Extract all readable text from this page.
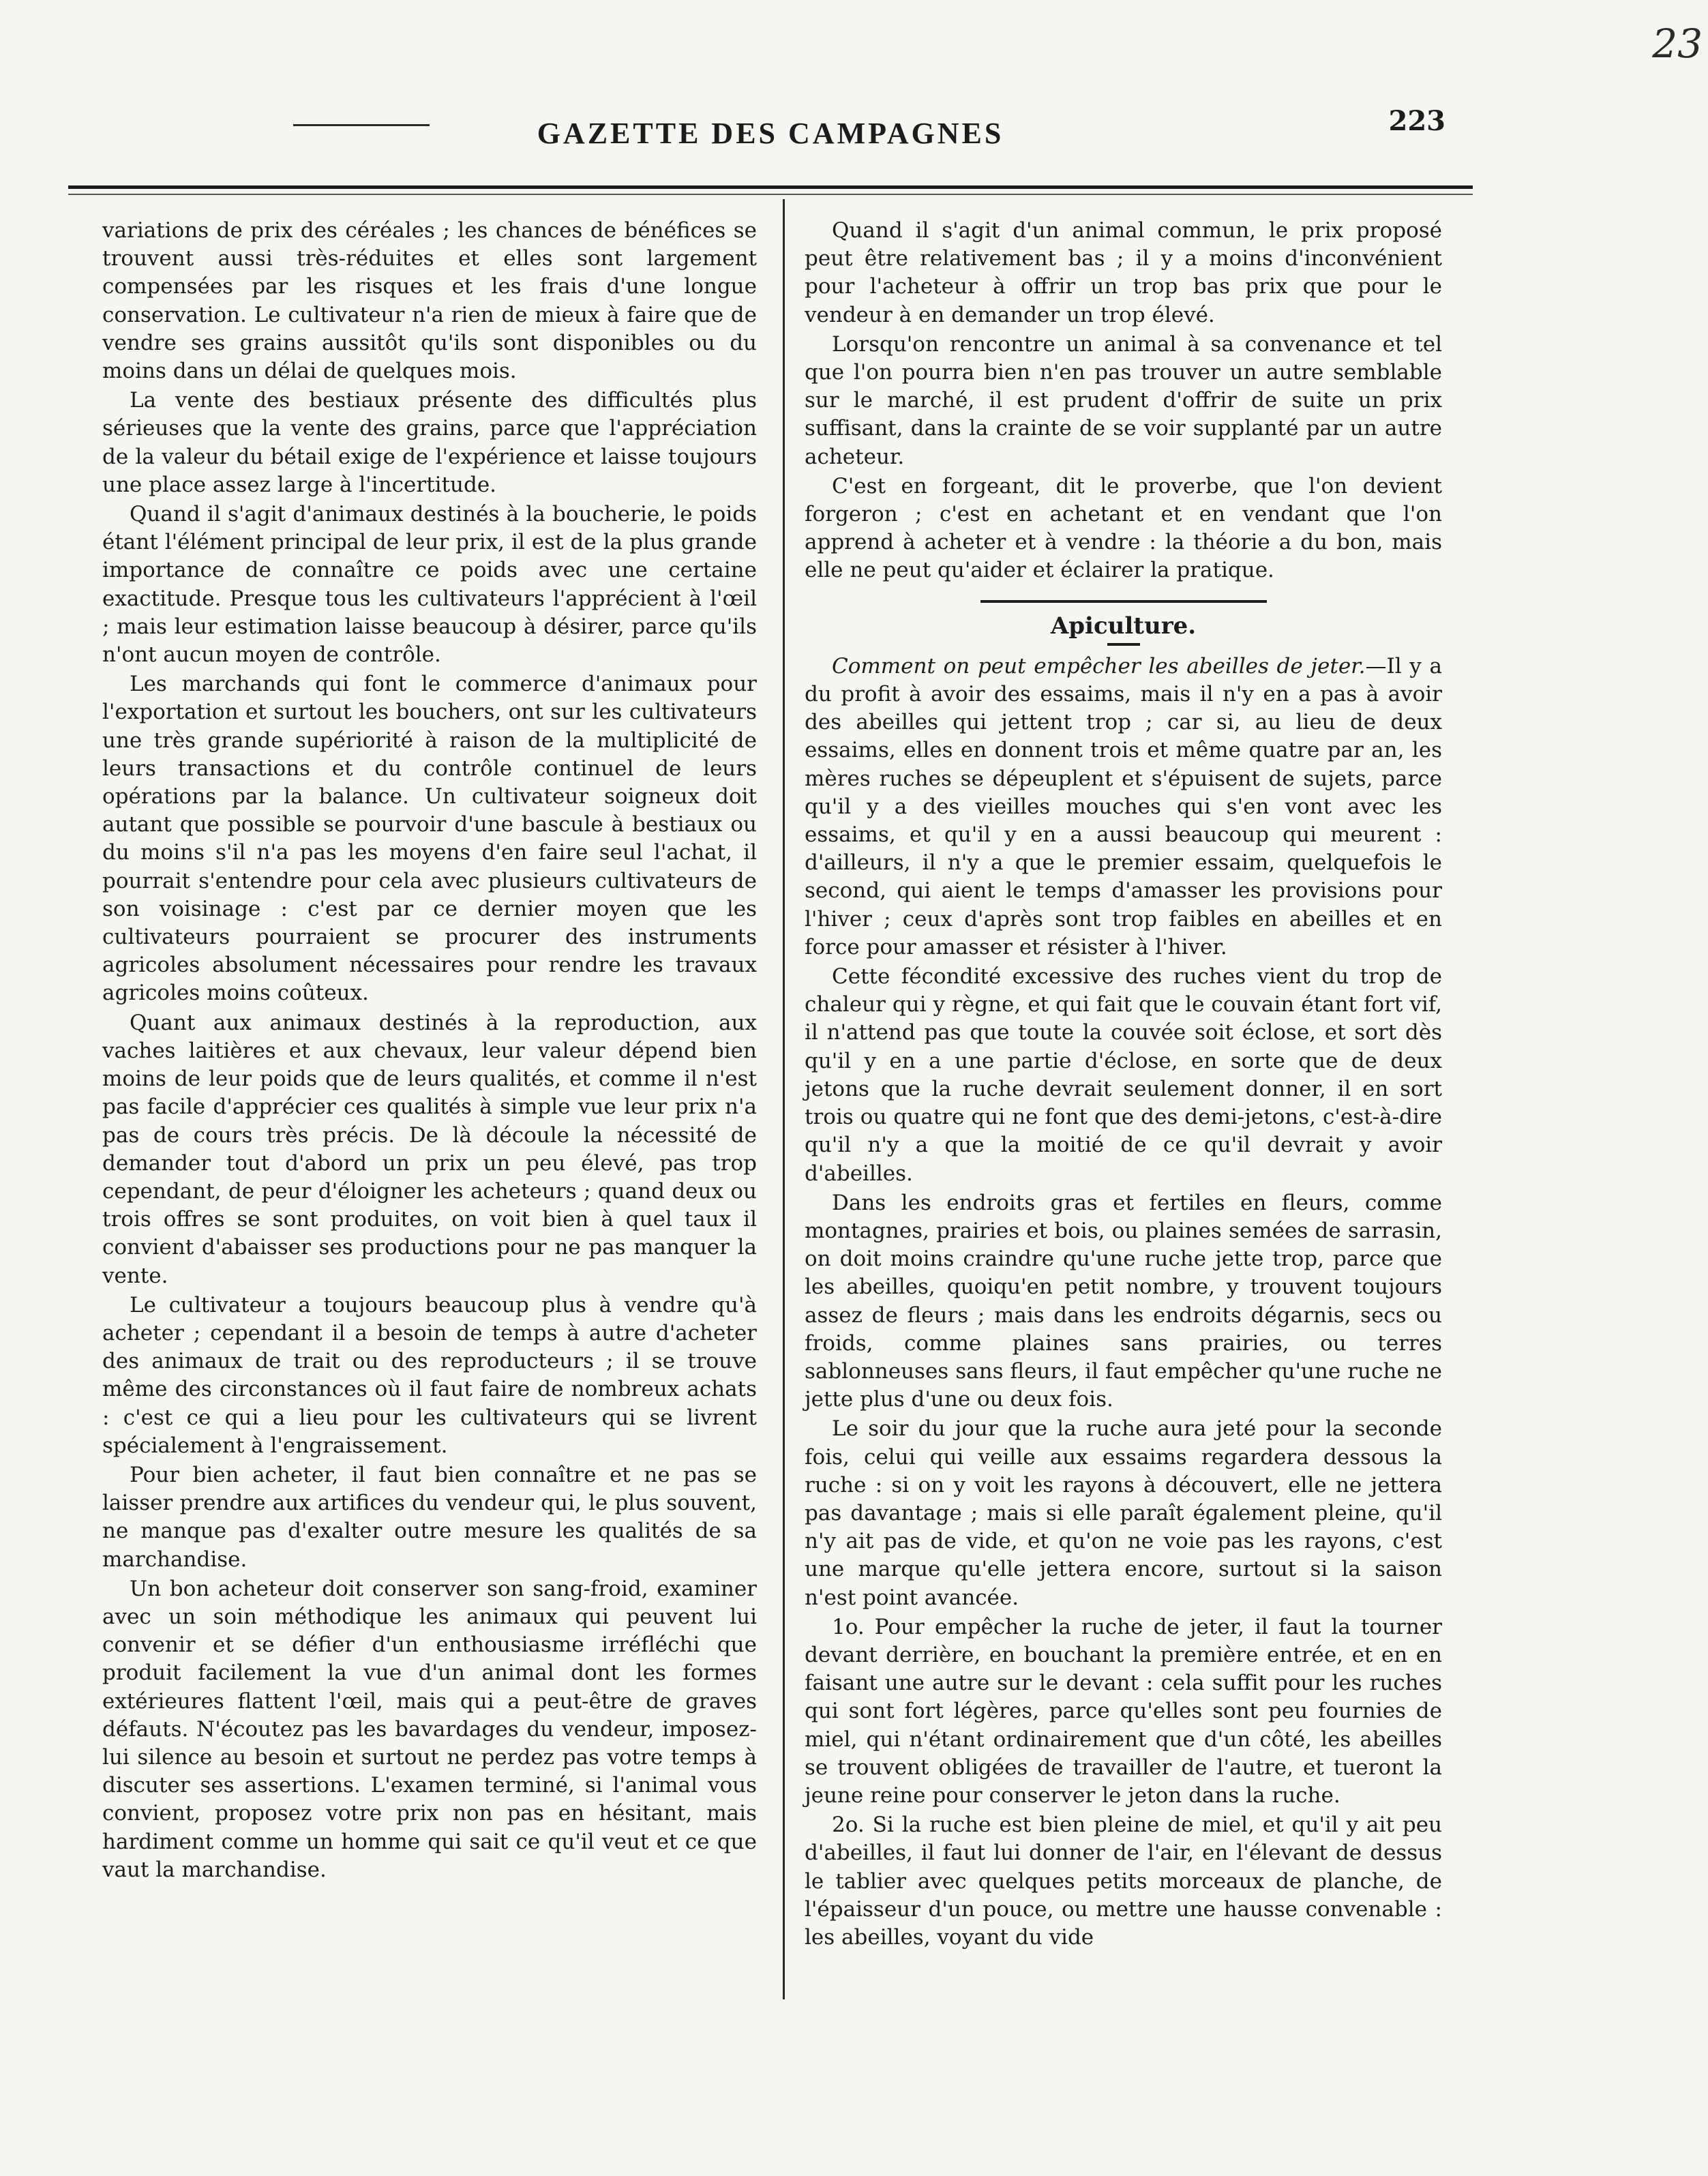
23
GAZETTE DES CAMPAGNES	223

variations de prix des céréales ; les chances de bénéfices se trouvent aussi très-réduites et elles sont largement compensées par les risques et les frais d'une longue conservation. Le cultivateur n'a rien de mieux à faire que de vendre ses grains aussitôt qu'ils sont disponibles ou du moins dans un délai de quelques mois.

La vente des bestiaux présente des difficultés plus sérieuses que la vente des grains, parce que l'appréciation de la valeur du bétail exige de l'expérience et laisse toujours une place assez large à l'incertitude.

Quand il s'agit d'animaux destinés à la boucherie, le poids étant l'élément principal de leur prix, il est de la plus grande importance de connaître ce poids avec une certaine exactitude. Presque tous les cultivateurs l'apprécient à l'œil ; mais leur estimation laisse beaucoup à désirer, parce qu'ils n'ont aucun moyen de contrôle.

Les marchands qui font le commerce d'animaux pour l'exportation et surtout les bouchers, ont sur les cultivateurs une très grande supériorité à raison de la multiplicité de leurs transactions et du contrôle continuel de leurs opérations par la balance. Un cultivateur soigneux doit autant que possible se pourvoir d'une bascule à bestiaux ou du moins s'il n'a pas les moyens d'en faire seul l'achat, il pourrait s'entendre pour cela avec plusieurs cultivateurs de son voisinage : c'est par ce dernier moyen que les cultivateurs pourraient se procurer des instruments agricoles absolument nécessaires pour rendre les travaux agricoles moins coûteux.

Quant aux animaux destinés à la reproduction, aux vaches laitières et aux chevaux, leur valeur dépend bien moins de leur poids que de leurs qualités, et comme il n'est pas facile d'apprécier ces qualités à simple vue leur prix n'a pas de cours très précis. De là découle la nécessité de demander tout d'abord un prix un peu élevé, pas trop cependant, de peur d'éloigner les acheteurs ; quand deux ou trois offres se sont produites, on voit bien à quel taux il convient d'abaisser ses productions pour ne pas manquer la vente.

Le cultivateur a toujours beaucoup plus à vendre qu'à acheter ; cependant il a besoin de temps à autre d'acheter des animaux de trait ou des reproducteurs ; il se trouve même des circonstances où il faut faire de nombreux achats : c'est ce qui a lieu pour les cultivateurs qui se livrent spécialement à l'engraissement.

Pour bien acheter, il faut bien connaître et ne pas se laisser prendre aux artifices du vendeur qui, le plus souvent, ne manque pas d'exalter outre mesure les qualités de sa marchandise.

Un bon acheteur doit conserver son sang-froid, examiner avec un soin méthodique les animaux qui peuvent lui convenir et se défier d'un enthousiasme irréfléchi que produit facilement la vue d'un animal dont les formes extérieures flattent l'œil, mais qui a peut-être de graves défauts. N'écoutez pas les bavardages du vendeur, imposez-lui silence au besoin et surtout ne perdez pas votre temps à discuter ses assertions. L'examen terminé, si l'animal vous convient, proposez votre prix non pas en hésitant, mais hardiment comme un homme qui sait ce qu'il veut et ce que vaut la marchandise.

Quand il s'agit d'un animal commun, le prix proposé peut être relativement bas ; il y a moins d'inconvénient pour l'acheteur à offrir un trop bas prix que pour le vendeur à en demander un trop élevé.

Lorsqu'on rencontre un animal à sa convenance et tel que l'on pourra bien n'en pas trouver un autre semblable sur le marché, il est prudent d'offrir de suite un prix suffisant, dans la crainte de se voir supplanté par un autre acheteur.

C'est en forgeant, dit le proverbe, que l'on devient forgeron ; c'est en achetant et en vendant que l'on apprend à acheter et à vendre : la théorie a du bon, mais elle ne peut qu'aider et éclairer la pratique.

Apiculture.

Comment on peut empêcher les abeilles de jeter.—Il y a du profit à avoir des essaims, mais il n'y en a pas à avoir des abeilles qui jettent trop ; car si, au lieu de deux essaims, elles en donnent trois et même quatre par an, les mères ruches se dépeuplent et s'épuisent de sujets, parce qu'il y a des vieilles mouches qui s'en vont avec les essaims, et qu'il y en a aussi beaucoup qui meurent : d'ailleurs, il n'y a que le premier essaim, quelquefois le second, qui aient le temps d'amasser les provisions pour l'hiver ; ceux d'après sont trop faibles en abeilles et en force pour amasser et résister à l'hiver.

Cette fécondité excessive des ruches vient du trop de chaleur qui y règne, et qui fait que le couvain étant fort vif, il n'attend pas que toute la couvée soit éclose, et sort dès qu'il y en a une partie d'éclose, en sorte que de deux jetons que la ruche devrait seulement donner, il en sort trois ou quatre qui ne font que des demi-jetons, c'est-à-dire qu'il n'y a que la moitié de ce qu'il devrait y avoir d'abeilles.

Dans les endroits gras et fertiles en fleurs, comme montagnes, prairies et bois, ou plaines semées de sarrasin, on doit moins craindre qu'une ruche jette trop, parce que les abeilles, quoiqu'en petit nombre, y trouvent toujours assez de fleurs ; mais dans les endroits dégarnis, secs ou froids, comme plaines sans prairies, ou terres sablonneuses sans fleurs, il faut empêcher qu'une ruche ne jette plus d'une ou deux fois.

Le soir du jour que la ruche aura jeté pour la seconde fois, celui qui veille aux essaims regardera dessous la ruche : si on y voit les rayons à découvert, elle ne jettera pas davantage ; mais si elle paraît également pleine, qu'il n'y ait pas de vide, et qu'on ne voie pas les rayons, c'est une marque qu'elle jettera encore, surtout si la saison n'est point avancée.

1o. Pour empêcher la ruche de jeter, il faut la tourner devant derrière, en bouchant la première entrée, et en en faisant une autre sur le devant : cela suffit pour les ruches qui sont fort légères, parce qu'elles sont peu fournies de miel, qui n'étant ordinairement que d'un côté, les abeilles se trouvent obligées de travailler de l'autre, et tueront la jeune reine pour conserver le jeton dans la ruche.

2o. Si la ruche est bien pleine de miel, et qu'il y ait peu d'abeilles, il faut lui donner de l'air, en l'élevant de dessus le tablier avec quelques petits morceaux de planche, de l'épaisseur d'un pouce, ou mettre une hausse convenable : les abeilles, voyant du vide
